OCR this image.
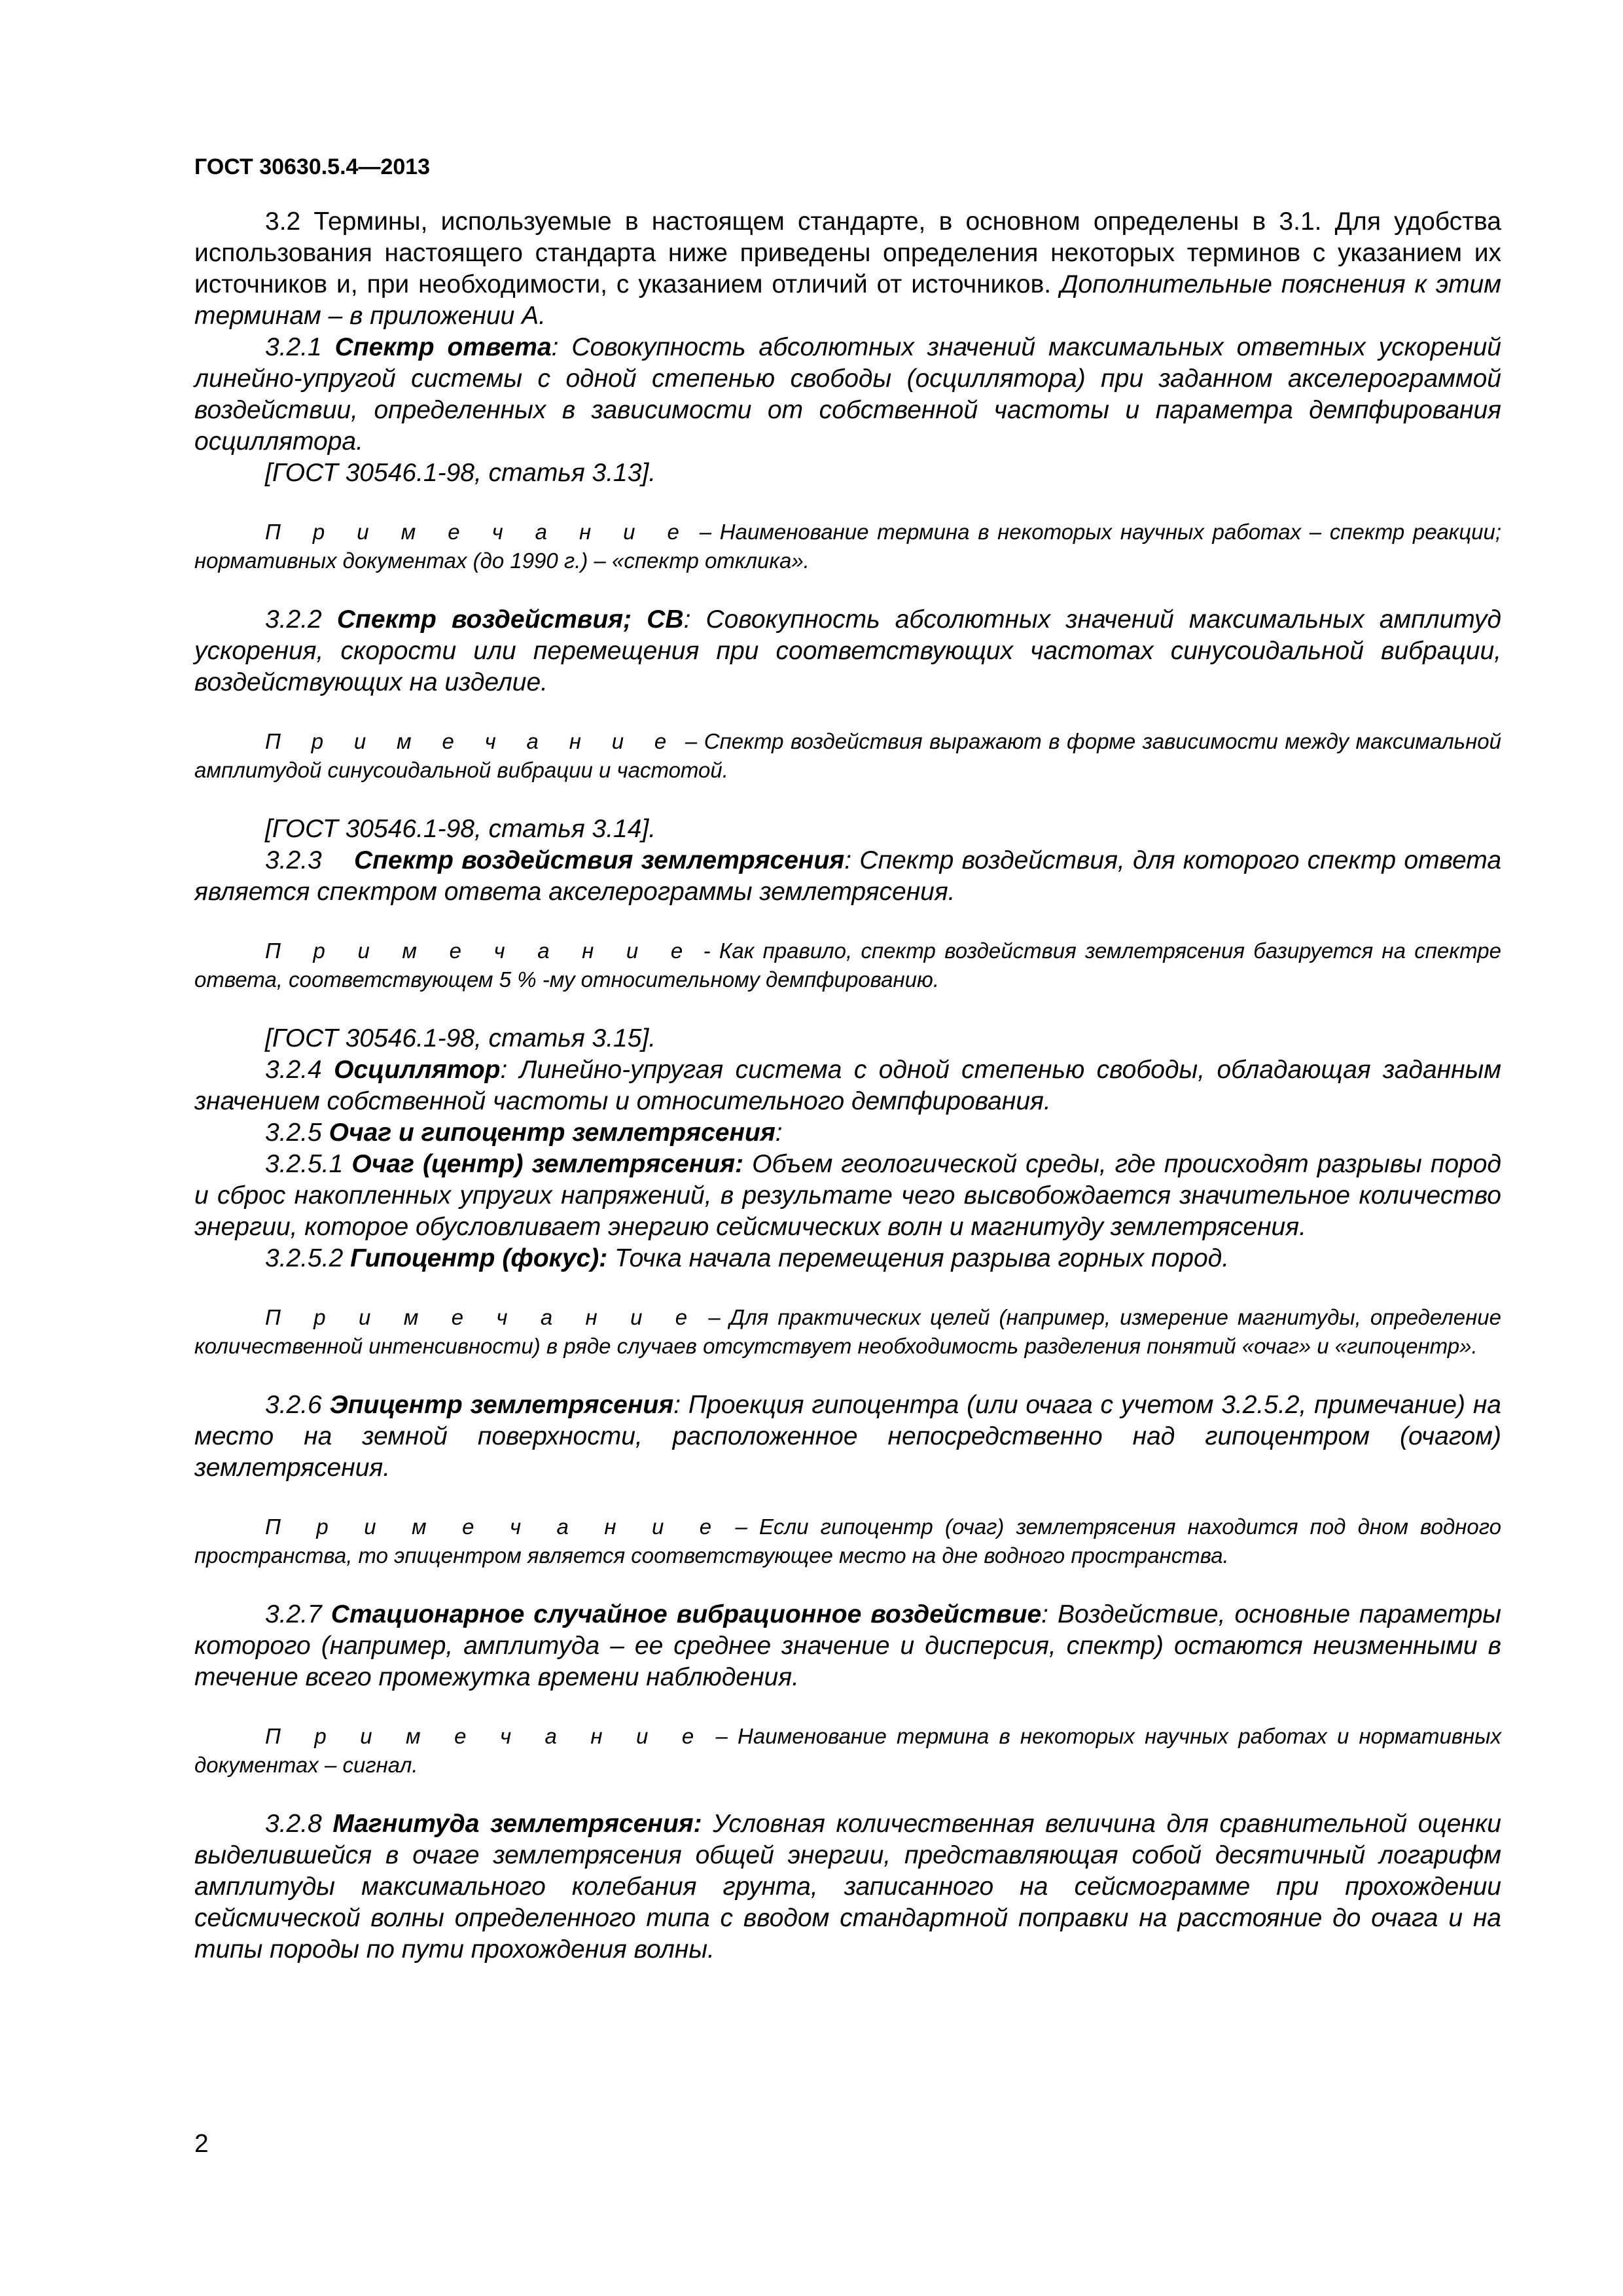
ГОСТ 30630.5.4—2013

3.2 Термины, используемые в настоящем стандарте, в основном определены в 3.1. Для удобства использования настоящего стандарта ниже приведены определения некоторых терминов с указанием их источников и, при необходимости, с указанием отличий от источников. Дополнительные пояснения к этим терминам – в приложении А.

3.2.1 Спектр ответа: Совокупность абсолютных значений максимальных ответных ускорений линейно-упругой системы с одной степенью свободы (осциллятора) при заданном акселерограммой воздействии, определенных в зависимости от собственной частоты и параметра демпфирования осциллятора.

[ГОСТ 30546.1-98, статья 3.13].

П р и м е ч а н и е – Наименование термина в некоторых научных работах – спектр реакции; нормативных документах (до 1990 г.) – «спектр отклика».

3.2.2 Спектр воздействия; СВ: Совокупность абсолютных значений максимальных амплитуд ускорения, скорости или перемещения при соответствующих частотах синусоидальной вибрации, воздействующих на изделие.

П р и м е ч а н и е – Спектр воздействия выражают в форме зависимости между максимальной амплитудой синусоидальной вибрации и частотой.

[ГОСТ 30546.1-98, статья 3.14].

3.2.3 Спектр воздействия землетрясения: Спектр воздействия, для которого спектр ответа является спектром ответа акселерограммы землетрясения.

П р и м е ч а н и е - Как правило, спектр воздействия землетрясения базируется на спектре ответа, соответствующем 5 % -му относительному демпфированию.

[ГОСТ 30546.1-98, статья 3.15].

3.2.4 Осциллятор: Линейно-упругая система с одной степенью свободы, обладающая заданным значением собственной частоты и относительного демпфирования.

3.2.5 Очаг и гипоцентр землетрясения:

3.2.5.1 Очаг (центр) землетрясения: Объем геологической среды, где происходят разрывы пород и сброс накопленных упругих напряжений, в результате чего высвобождается значительное количество энергии, которое обусловливает энергию сейсмических волн и магнитуду землетрясения.

3.2.5.2 Гипоцентр (фокус): Точка начала перемещения разрыва горных пород.

П р и м е ч а н и е – Для практических целей (например, измерение магнитуды, определение количественной интенсивности) в ряде случаев отсутствует необходимость разделения понятий «очаг» и «гипоцентр».

3.2.6 Эпицентр землетрясения: Проекция гипоцентра (или очага с учетом 3.2.5.2, примечание) на место на земной поверхности, расположенное непосредственно над гипоцентром (очагом) землетрясения.

П р и м е ч а н и е – Если гипоцентр (очаг) землетрясения находится под дном водного пространства, то эпицентром является соответствующее место на дне водного пространства.

3.2.7 Стационарное случайное вибрационное воздействие: Воздействие, основные параметры которого (например, амплитуда – ее среднее значение и дисперсия, спектр) остаются неизменными в течение всего промежутка времени наблюдения.

П р и м е ч а н и е – Наименование термина в некоторых научных работах и нормативных документах – сигнал.

3.2.8 Магнитуда землетрясения: Условная количественная величина для сравнительной оценки выделившейся в очаге землетрясения общей энергии, представляющая собой десятичный логарифм амплитуды максимального колебания грунта, записанного на сейсмограмме при прохождении сейсмической волны определенного типа с вводом стандартной поправки на расстояние до очага и на типы породы по пути прохождения волны.

2
